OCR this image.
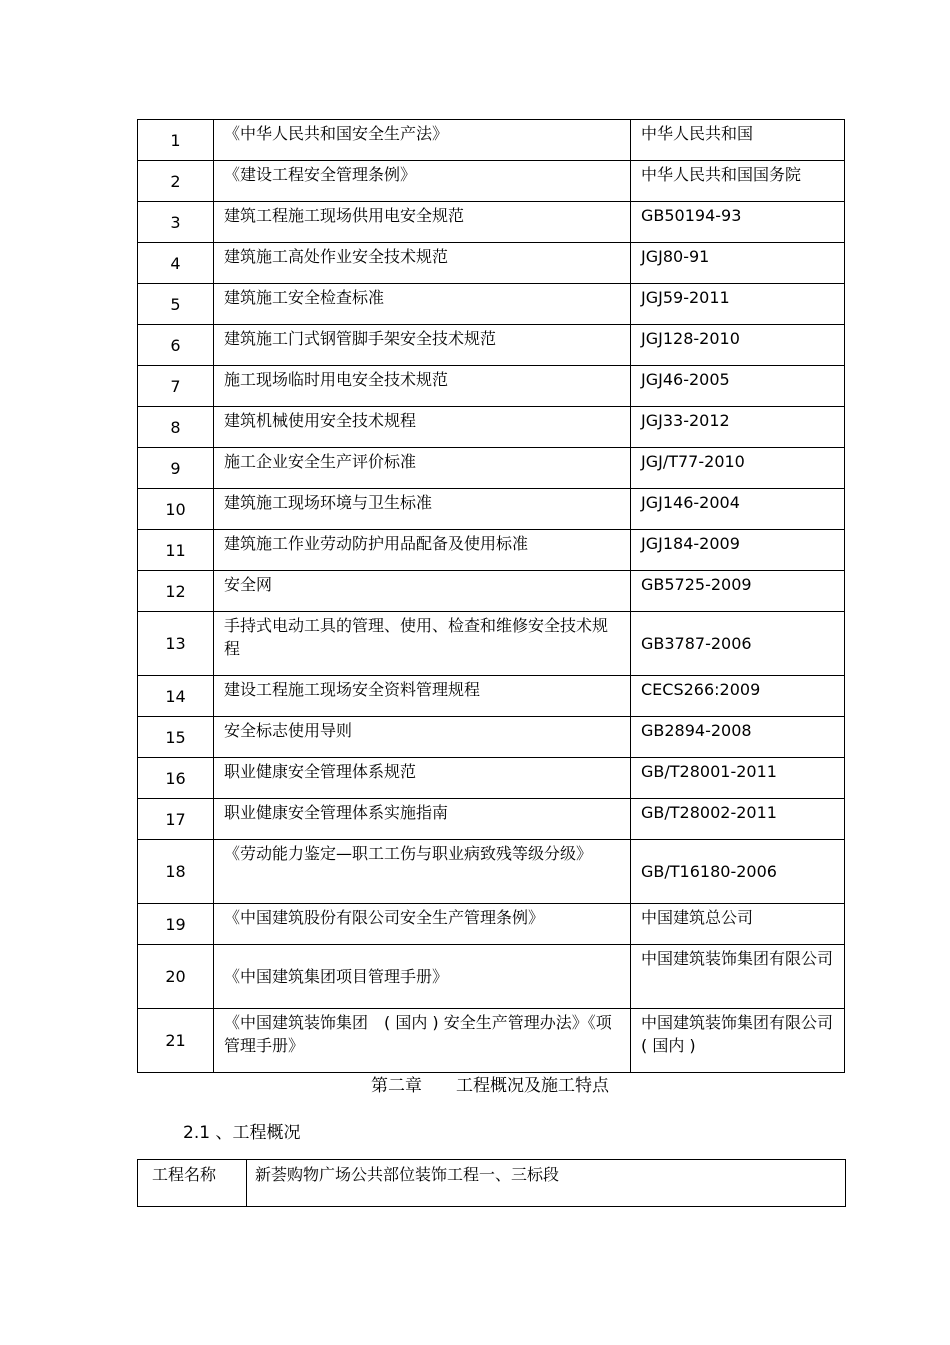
1	《中华人民共和国安全生产法》	中华人民共和国
2	《建设工程安全管理条例》	中华人民共和国国务院
3	建筑工程施工现场供用电安全规范	GB50194-93
4	建筑施工高处作业安全技术规范	JGJ80-91
5	建筑施工安全检查标准	JGJ59-2011
6	建筑施工门式钢管脚手架安全技术规范	JGJ128-2010
7	施工现场临时用电安全技术规范	JGJ46-2005
8	建筑机械使用安全技术规程	JGJ33-2012
9	施工企业安全生产评价标准	JGJ/T77-2010
10	建筑施工现场环境与卫生标准	JGJ146-2004
11	建筑施工作业劳动防护用品配备及使用标准	JGJ184-2009
12	安全网	GB5725-2009
13	手持式电动工具的管理、使用、检查和维修安全技术规程	GB3787-2006
14	建设工程施工现场安全资料管理规程	CECS266:2009
15	安全标志使用导则	GB2894-2008
16	职业健康安全管理体系规范	GB/T28001-2011
17	职业健康安全管理体系实施指南	GB/T28002-2011
18	《劳动能力鉴定—职工工伤与职业病致残等级分级》	GB/T16180-2006
19	《中国建筑股份有限公司安全生产管理条例》	中国建筑总公司
20	《中国建筑集团项目管理手册》	中国建筑装饰集团有限公司
21	《中国建筑装饰集团　( 国内 ) 安全生产管理办法》《项管理手册》	中国建筑装饰集团有限公司 ( 国内 )
第二章　　工程概况及施工特点
2.1 、工程概况
工程名称	新荟购物广场公共部位装饰工程一、三标段
